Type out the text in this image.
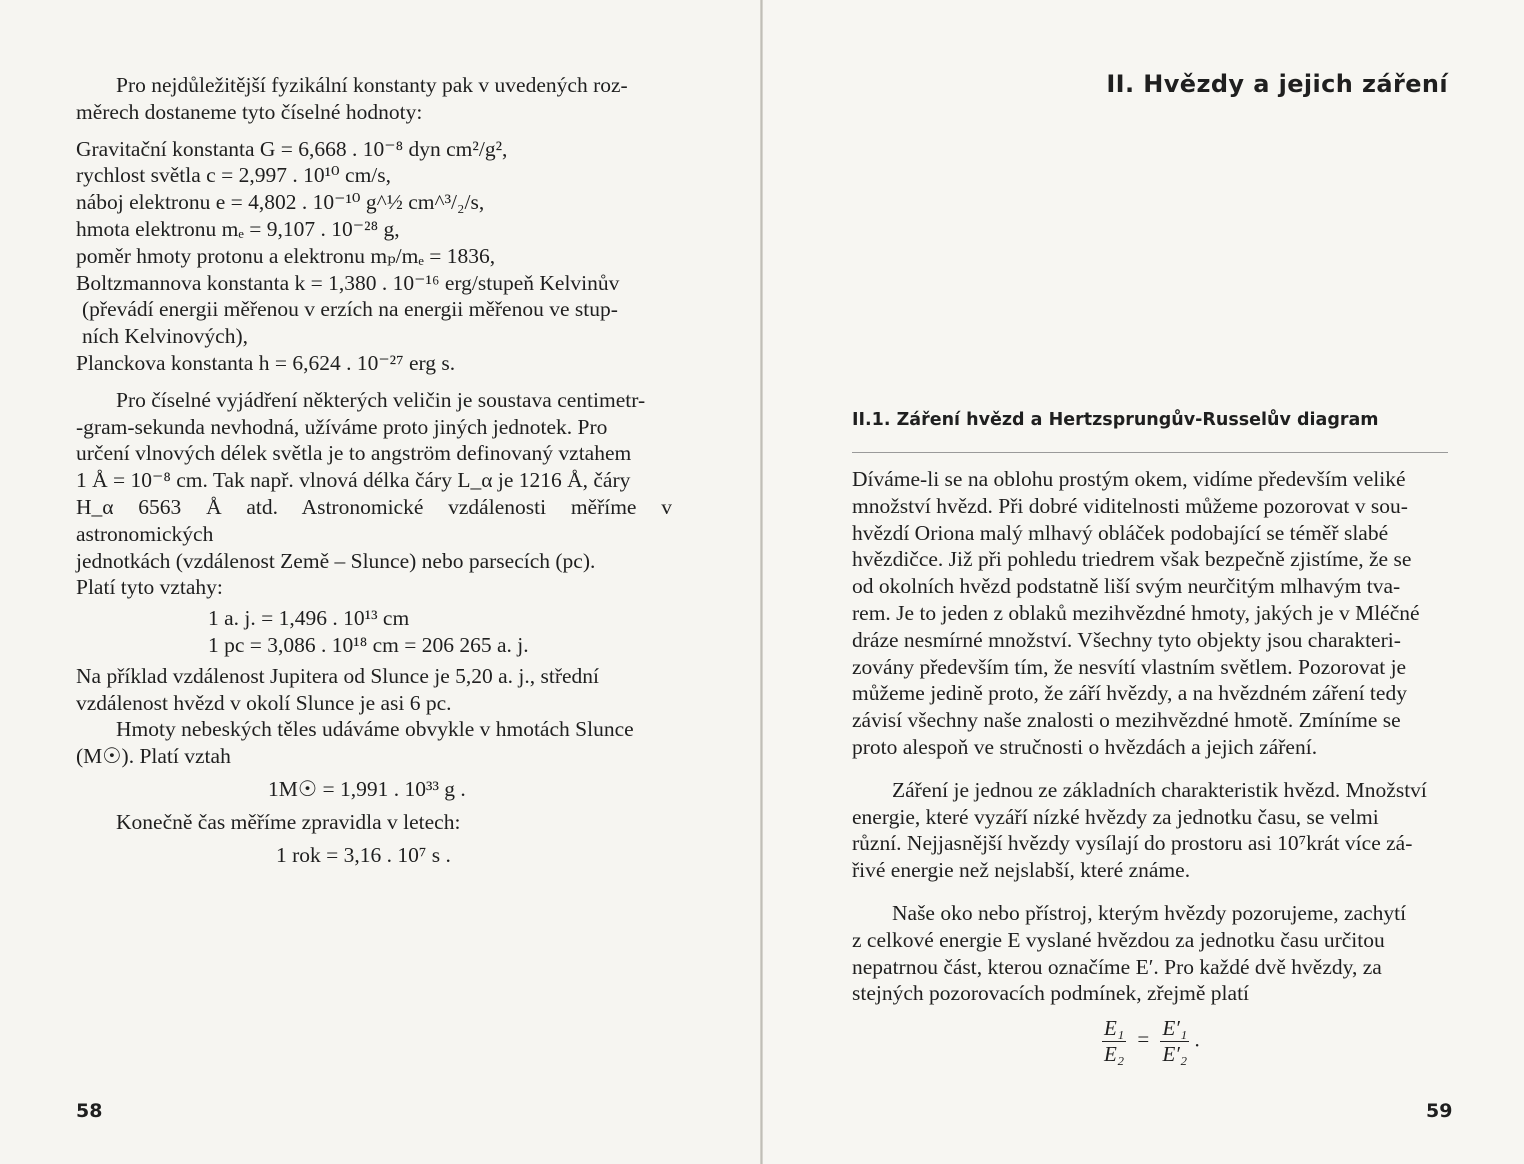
Pro nejdůležitější fyzikální konstanty pak v uvedených roz-

měrech dostaneme tyto číselné hodnoty:

Gravitační konstanta G = 6,668 . 10⁻⁸ dyn cm²/g²,

rychlost světla c = 2,997 . 10¹⁰ cm/s,

náboj elektronu e = 4,802 . 10⁻¹⁰ g^½ cm^³/₂/s,

hmota elektronu mₑ = 9,107 . 10⁻²⁸ g,

poměr hmoty protonu a elektronu mₚ/mₑ = 1836,

Boltzmannova konstanta k = 1,380 . 10⁻¹⁶ erg/stupeň Kelvinův

(převádí energii měřenou v erzích na energii měřenou ve stup-

ních Kelvinových),

Planckova konstanta h = 6,624 . 10⁻²⁷ erg s.

Pro číselné vyjádření některých veličin je soustava centimetr-

-gram-sekunda nevhodná, užíváme proto jiných jednotek. Pro

určení vlnových délek světla je to angström definovaný vztahem

1 Å = 10⁻⁸ cm. Tak např. vlnová délka čáry L_α je 1216 Å, čáry

H_α 6563 Å atd. Astronomické vzdálenosti měříme v astronomických

jednotkách (vzdálenost Země – Slunce) nebo parsecích (pc).

Platí tyto vztahy:

1 a. j. = 1,496 . 10¹³ cm

1 pc = 3,086 . 10¹⁸ cm = 206 265 a. j.

Na příklad vzdálenost Jupitera od Slunce je 5,20 a. j., střední

vzdálenost hvězd v okolí Slunce je asi 6 pc.

Hmoty nebeských těles udáváme obvykle v hmotách Slunce

(M☉). Platí vztah

1M☉ = 1,991 . 10³³ g .

Konečně čas měříme zpravidla v letech:

1 rok = 3,16 . 10⁷ s .

58
II. Hvězdy a jejich záření
II.1. Záření hvězd a Hertzsprungův-Russelův diagram

Díváme-li se na oblohu prostým okem, vidíme především veliké

množství hvězd. Při dobré viditelnosti můžeme pozorovat v sou-

hvězdí Oriona malý mlhavý obláček podobající se téměř slabé

hvězdičce. Již při pohledu triedrem však bezpečně zjistíme, že se

od okolních hvězd podstatně liší svým neurčitým mlhavým tva-

rem. Je to jeden z oblaků mezihvězdné hmoty, jakých je v Mléčné

dráze nesmírné množství. Všechny tyto objekty jsou charakteri-

zovány především tím, že nesvítí vlastním světlem. Pozorovat je

můžeme jedině proto, že září hvězdy, a na hvězdném záření tedy

závisí všechny naše znalosti o mezihvězdné hmotě. Zmíníme se

proto alespoň ve stručnosti o hvězdách a jejich záření.

Záření je jednou ze základních charakteristik hvězd. Množství

energie, které vyzáří nízké hvězdy za jednotku času, se velmi

různí. Nejjasnější hvězdy vysílají do prostoru asi 10⁷krát více zá-

řivé energie než nejslabší, které známe.

Naše oko nebo přístroj, kterým hvězdy pozorujeme, zachytí

z celkové energie E vyslané hvězdou za jednotku času určitou

nepatrnou část, kterou označíme E′. Pro každé dvě hvězdy, za

stejných pozorovacích podmínek, zřejmě platí

$\frac{\text{E₁}}{\text{E₂}} = \frac{\text{E′₁}}{\text{E′₂}}$ .
59
